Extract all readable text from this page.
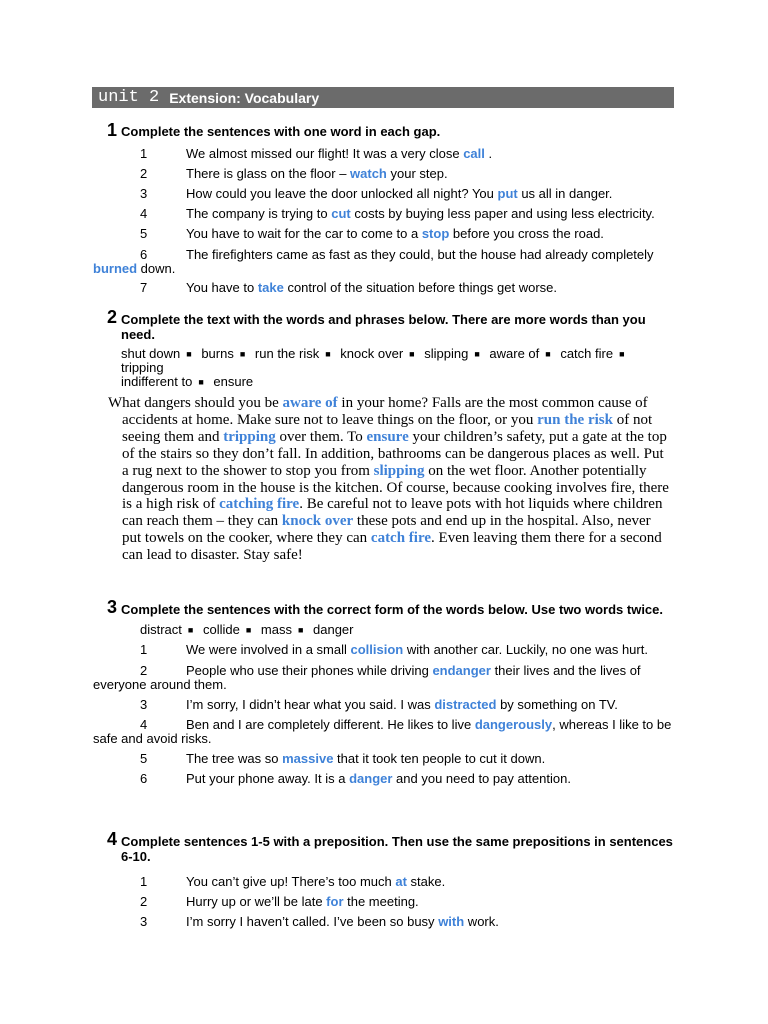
unit 2 Extension: Vocabulary
1 Complete the sentences with one word in each gap.
1	We almost missed our flight! It was a very close call .
2	There is glass on the floor – watch your step.
3	How could you leave the door unlocked all night? You put us all in danger.
4	The company is trying to cut costs by buying less paper and using less electricity.
5	You have to wait for the car to come to a stop before you cross the road.
6	The firefighters came as fast as they could, but the house had already completely
burned down.
7	You have to take control of the situation before things get worse.
2 Complete the text with the words and phrases below. There are more words than you
need.
shut down ■ burns ■ run the risk ■ knock over ■ slipping ■ aware of ■ catch fire ■
tripping
indifferent to ■ ensure
What dangers should you be aware of in your home? Falls are the most common cause of accidents at home. Make sure not to leave things on the floor, or you run the risk of not seeing them and tripping over them. To ensure your children’s safety, put a gate at the top of the stairs so they don’t fall. In addition, bathrooms can be dangerous places as well. Put a rug next to the shower to stop you from slipping on the wet floor. Another potentially dangerous room in the house is the kitchen. Of course, because cooking involves fire, there is a high risk of catching fire. Be careful not to leave pots with hot liquids where children can reach them – they can knock over these pots and end up in the hospital. Also, never put towels on the cooker, where they can catch fire. Even leaving them there for a second can lead to disaster. Stay safe!
3 Complete the sentences with the correct form of the words below. Use two words twice.
distract ■ collide ■ mass ■ danger
1	We were involved in a small collision with another car. Luckily, no one was hurt.
2	People who use their phones while driving endanger their lives and the lives of
everyone around them.
3	I’m sorry, I didn’t hear what you said. I was distracted by something on TV.
4	Ben and I are completely different. He likes to live dangerously, whereas I like to be
safe and avoid risks.
5	The tree was so massive that it took ten people to cut it down.
6	Put your phone away. It is a danger and you need to pay attention.
4 Complete sentences 1-5 with a preposition. Then use the same prepositions in sentences
6-10.
1	You can’t give up! There’s too much at stake.
2	Hurry up or we’ll be late for the meeting.
3	I’m sorry I haven’t called. I’ve been so busy with work.
